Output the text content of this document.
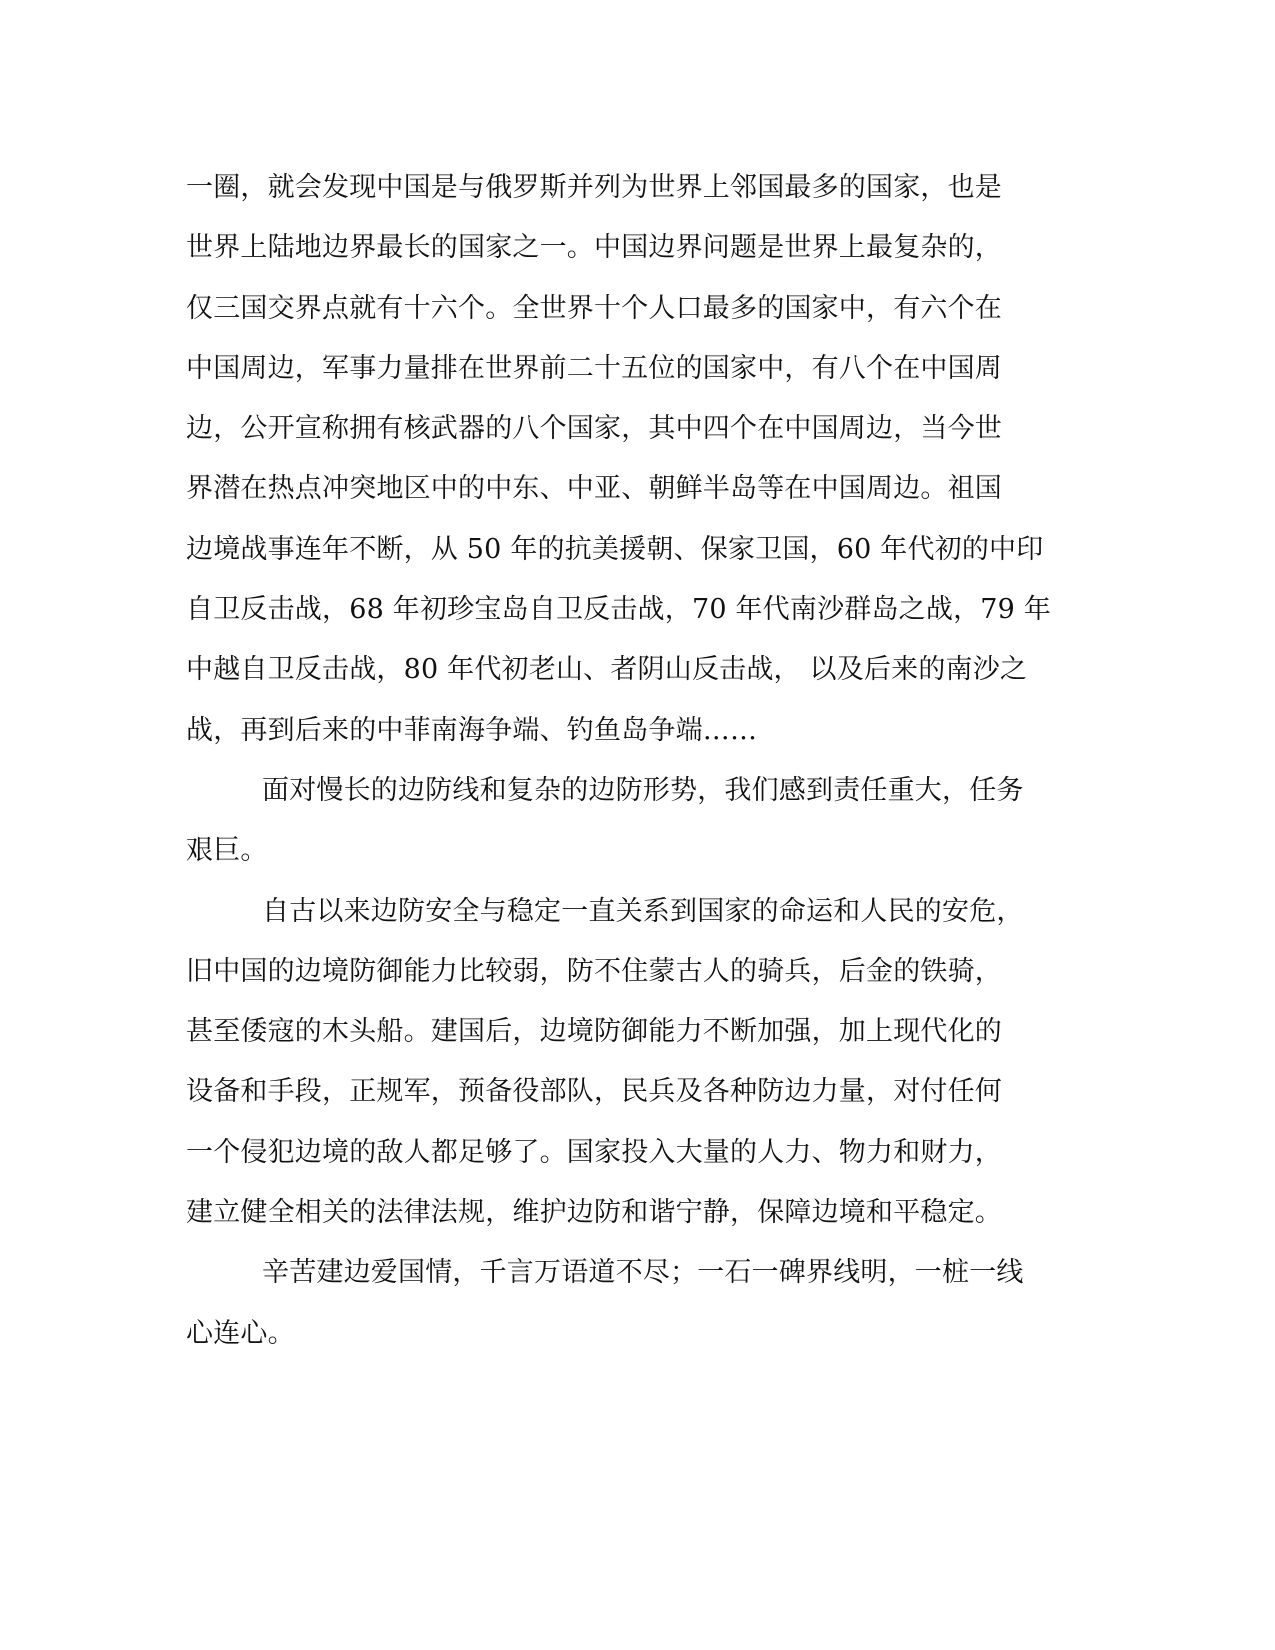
一圈，就会发现中国是与俄罗斯并列为世界上邻国最多的国家，也是
世界上陆地边界最长的国家之一。中国边界问题是世界上最复杂的，
仅三国交界点就有十六个。全世界十个人口最多的国家中，有六个在
中国周边，军事力量排在世界前二十五位的国家中，有八个在中国周
边，公开宣称拥有核武器的八个国家，其中四个在中国周边，当今世
界潜在热点冲突地区中的中东、中亚、朝鲜半岛等在中国周边。祖国
边境战事连年不断，从 50 年的抗美援朝、保家卫国，60 年代初的中印
自卫反击战，68 年初珍宝岛自卫反击战，70 年代南沙群岛之战，79 年
中越自卫反击战，80 年代初老山、者阴山反击战， 以及后来的南沙之
战，再到后来的中菲南海争端、钓鱼岛争端……
面对慢长的边防线和复杂的边防形势，我们感到责任重大，任务
艰巨。
自古以来边防安全与稳定一直关系到国家的命运和人民的安危，
旧中国的边境防御能力比较弱，防不住蒙古人的骑兵，后金的铁骑，
甚至倭寇的木头船。建国后，边境防御能力不断加强，加上现代化的
设备和手段，正规军，预备役部队，民兵及各种防边力量，对付任何
一个侵犯边境的敌人都足够了。国家投入大量的人力、物力和财力，
建立健全相关的法律法规，维护边防和谐宁静，保障边境和平稳定。
辛苦建边爱国情，千言万语道不尽；一石一碑界线明，一桩一线
心连心。
